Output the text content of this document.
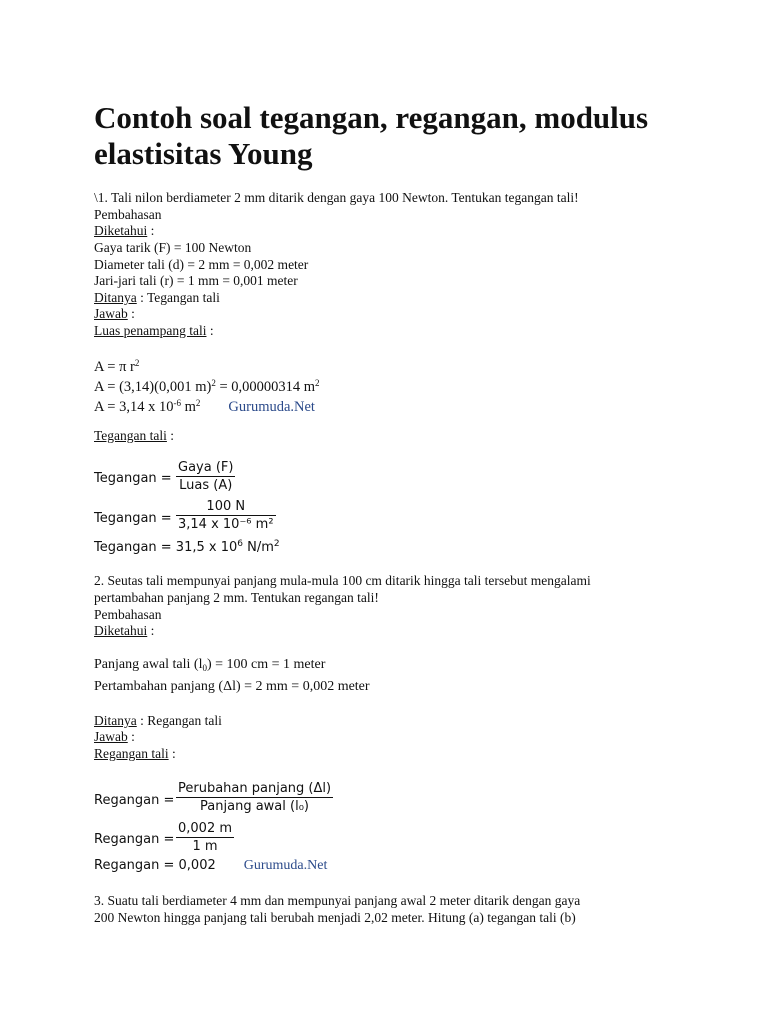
Contoh soal tegangan, regangan, modulus elastisitas Young
\1. Tali nilon berdiameter 2 mm ditarik dengan gaya 100 Newton. Tentukan tegangan tali!
Pembahasan
Diketahui :
Gaya tarik (F) = 100 Newton
Diameter tali (d) = 2 mm = 0,002 meter
Jari-jari tali (r) = 1 mm = 0,001 meter
Ditanya : Tegangan tali
Jawab :
Luas penampang tali :
A = π $r^2$
A = (3,14)(0,001 m)$^2$ = 0,00000314 $m^2$
A = 3,14 x $10^{-6}$ $m^2$ Gurumuda.Net
Tegangan tali :
Tegangan =
Gaya (F)
Luas (A)
Tegangan =
100 N
3,14 x 10⁻⁶ m²
Tegangan = 31,5 x $10^6$ $N/m^2$
2. Seutas tali mempunyai panjang mula-mula 100 cm ditarik hingga tali tersebut mengalami
pertambahan panjang 2 mm. Tentukan regangan tali!
Pembahasan
Diketahui :
Panjang awal tali $(l_0) = 100$ cm = 1 meter
Pertambahan panjang (Δl) = 2 mm = 0,002 meter
Ditanya : Regangan tali
Jawab :
Regangan tali :
Regangan =
Perubahan panjang (Δl)
Panjang awal (l₀)
Regangan =
0,002 m
1 m
Regangan = 0,002 Gurumuda.Net
3. Suatu tali berdiameter 4 mm dan mempunyai panjang awal 2 meter ditarik dengan gaya
200 Newton hingga panjang tali berubah menjadi 2,02 meter. Hitung (a) tegangan tali (b)
